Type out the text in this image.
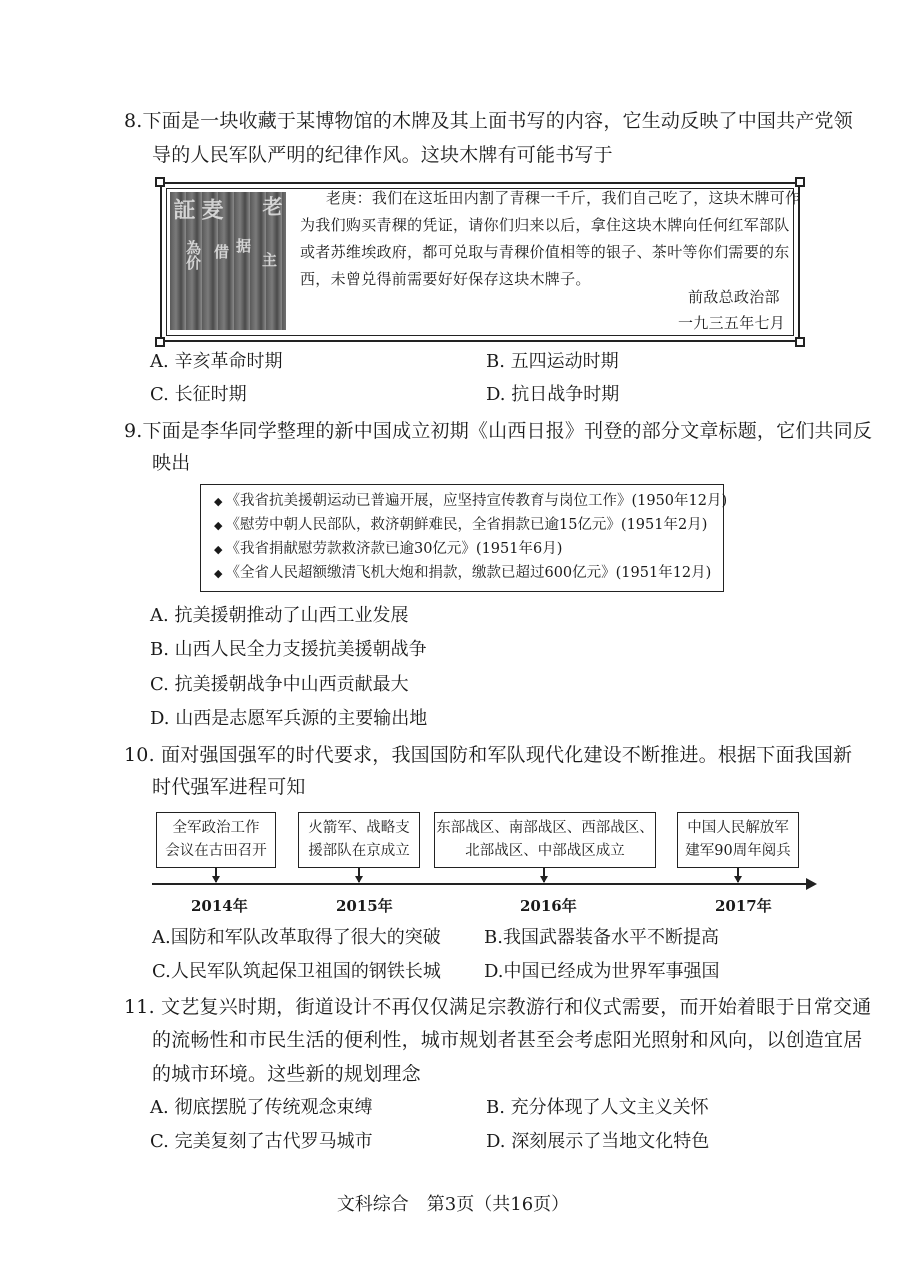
8.下面是一块收藏于某博物馆的木牌及其上面书写的内容，它生动反映了中国共产党领
导的人民军队严明的纪律作风。这块木牌有可能书写于
老
証 麦
為价 借 据
主
老庚：我们在这坵田内割了青稞一千斤，我们自己吃了，这块木牌可作
为我们购买青稞的凭证，请你们归来以后，拿住这块木牌向任何红军部队
或者苏维埃政府，都可兑取与青稞价值相等的银子、茶叶等你们需要的东
西，未曾兑得前需要好好保存这块木牌子。
前敌总政治部
一九三五年七月
A. 辛亥革命时期	B. 五四运动时期
C. 长征时期	D. 抗日战争时期
9.下面是李华同学整理的新中国成立初期《山西日报》刊登的部分文章标题，它们共同反
映出
◆ 《我省抗美援朝运动已普遍开展，应坚持宣传教育与岗位工作》(1950年12月)
◆ 《慰劳中朝人民部队，救济朝鲜难民，全省捐款已逾15亿元》(1951年2月)
◆ 《我省捐献慰劳款救济款已逾30亿元》(1951年6月)
◆ 《全省人民超额缴清飞机大炮和捐款，缴款已超过600亿元》(1951年12月)
A. 抗美援朝推动了山西工业发展
B. 山西人民全力支援抗美援朝战争
C. 抗美援朝战争中山西贡献最大
D. 山西是志愿军兵源的主要输出地
10. 面对强国强军的时代要求，我国国防和军队现代化建设不断推进。根据下面我国新
时代强军进程可知
全军政治工作
会议在古田召开
火箭军、战略支
援部队在京成立
东部战区、南部战区、西部战区、
北部战区、中部战区成立
中国人民解放军
建军90周年阅兵
2014年	2015年	2016年	2017年
A.国防和军队改革取得了很大的突破 B.我国武器装备水平不断提高
C.人民军队筑起保卫祖国的钢铁长城 D.中国已经成为世界军事强国
11. 文艺复兴时期，街道设计不再仅仅满足宗教游行和仪式需要，而开始着眼于日常交通
的流畅性和市民生活的便利性，城市规划者甚至会考虑阳光照射和风向，以创造宜居
的城市环境。这些新的规划理念
A. 彻底摆脱了传统观念束缚	B. 充分体现了人文主义关怀
C. 完美复刻了古代罗马城市	D. 深刻展示了当地文化特色
文科综合　第3页（共16页）
